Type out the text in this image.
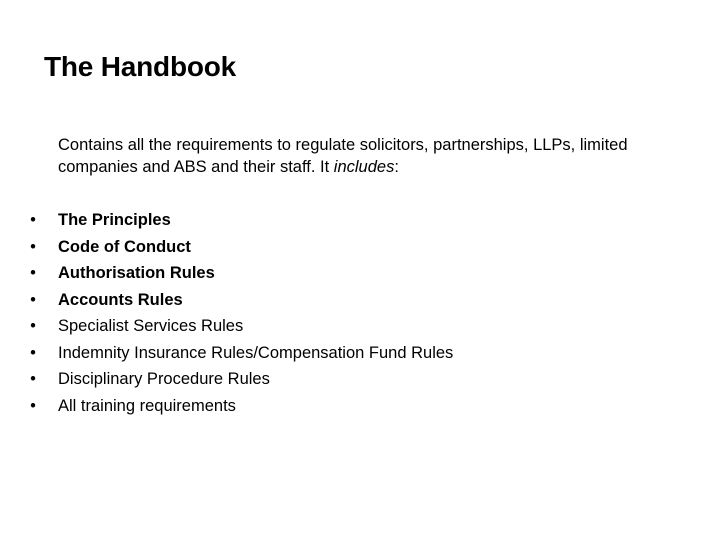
The Handbook
Contains all the requirements to regulate solicitors, partnerships, LLPs, limited companies and ABS and their staff. It includes:
• The Principles
• Code of Conduct
• Authorisation Rules
• Accounts Rules
• Specialist Services Rules
• Indemnity Insurance Rules/Compensation Fund Rules
• Disciplinary Procedure Rules
• All training requirements
